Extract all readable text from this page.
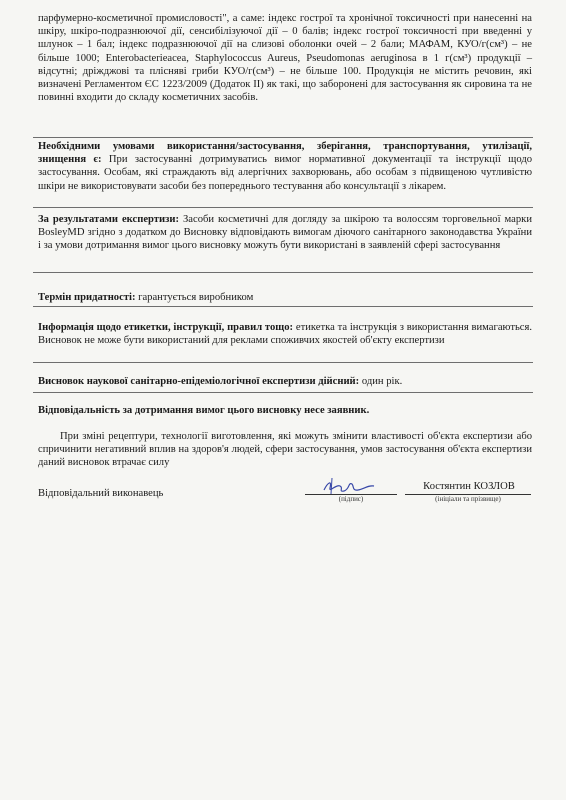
парфумерно-косметичної промисловості", а саме: індекс гострої та хронічної токсичності при нанесенні на шкіру, шкіро-подразнюючої дії, сенсибілізуючої дії – 0 балів; індекс гострої токсичності при введенні у шлунок – 1 бал; індекс подразнюючої дії на слизові оболонки очей – 2 бали; МАФАМ, КУО/г(см³) – не більше 1000; Enterobacterieacea, Staphylococcus Aureus, Pseudomonas aeruginosa в 1 г(см³) продукції – відсутні; дріжджові та плісняві гриби КУО/г(см³) – не більше 100. Продукція не містить речовин, які визначені Регламентом ЄС 1223/2009 (Додаток ІІ) як такі, що заборонені для застосування як сировина та не повинні входити до складу косметичних засобів.
Необхідними умовами використання/застосування, зберігання, транспортування, утилізації, знищення є: При застосуванні дотримуватись вимог нормативної документації та інструкції щодо застосування. Особам, які страждають від алергічних захворювань, або особам з підвищеною чутливістю шкіри не використовувати засоби без попереднього тестування або консультації з лікарем.
За результатами експертизи: Засоби косметичні для догляду за шкірою та волоссям торговельної марки BosleyMD згідно з додатком до Висновку відповідають вимогам діючого санітарного законодавства України і за умови дотримання вимог цього висновку можуть бути використані в заявленій сфері застосування
Термін придатності: гарантується виробником
Інформація щодо етикетки, інструкції, правил тощо: етикетка та інструкція з використання вимагаються. Висновок не може бути використаний для реклами споживчих якостей об'єкту експертизи
Висновок наукової санітарно-епідеміологічної експертизи дійсний: один рік.
Відповідальність за дотримання вимог цього висновку несе заявник.
При зміні рецептури, технології виготовлення, які можуть змінити властивості об'єкта експертизи або спричинити негативний вплив на здоров'я людей, сфери застосування, умов застосування об'єкта експертизи даний висновок втрачає силу
Відповідальний виконавець	(підпис)
Костянтин КОЗЛОВ
(ініціали та прізвище)
